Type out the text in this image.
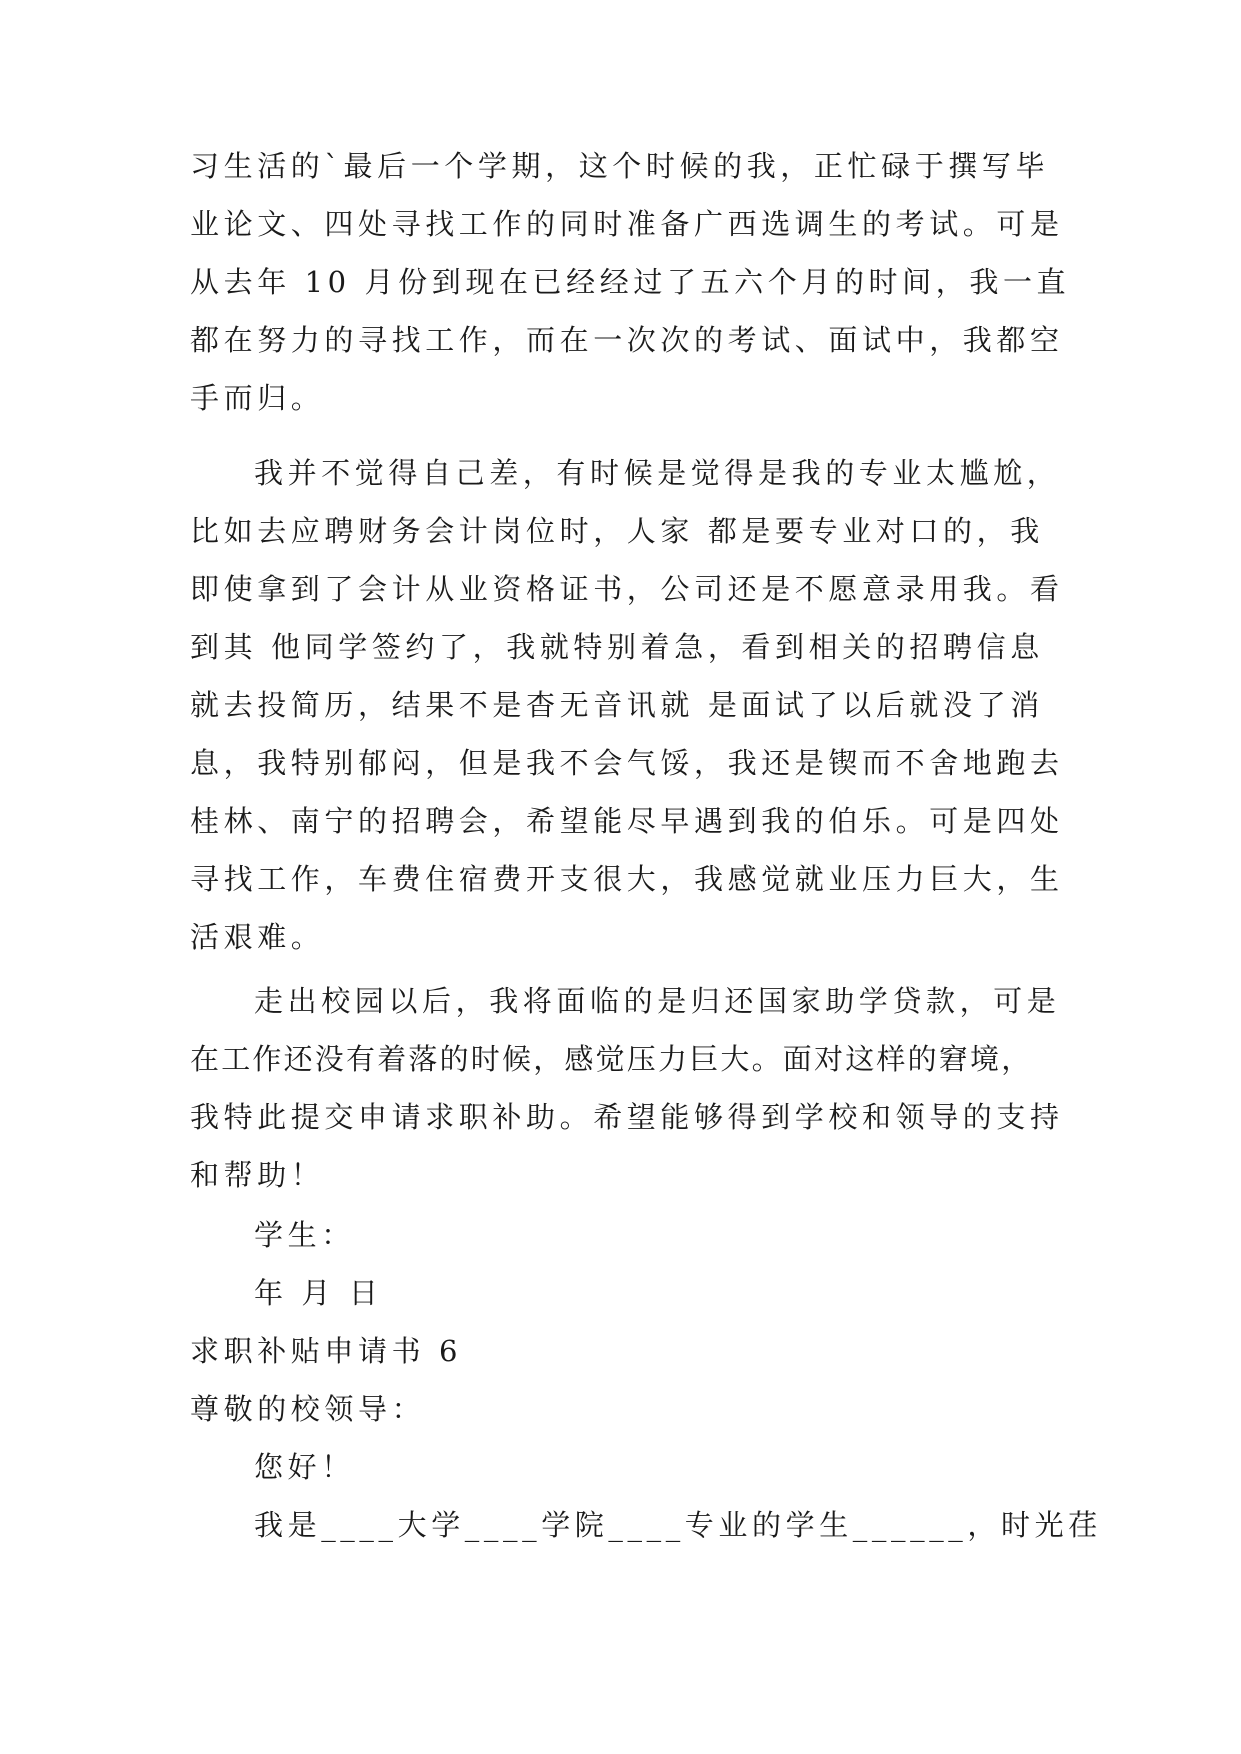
习生活的`最后一个学期，这个时候的我，正忙碌于撰写毕
业论文、四处寻找工作的同时准备广西选调生的考试。可是
从去年 10 月份到现在已经经过了五六个月的时间，我一直
都在努力的寻找工作，而在一次次的考试、面试中，我都空
手而归。
我并不觉得自己差，有时候是觉得是我的专业太尴尬，
比如去应聘财务会计岗位时，人家 都是要专业对口的，我
即使拿到了会计从业资格证书，公司还是不愿意录用我。看
到其 他同学签约了，我就特别着急，看到相关的招聘信息
就去投简历，结果不是杳无音讯就 是面试了以后就没了消
息，我特别郁闷，但是我不会气馁，我还是锲而不舍地跑去
桂林、南宁的招聘会，希望能尽早遇到我的伯乐。可是四处
寻找工作，车费住宿费开支很大，我感觉就业压力巨大，生
活艰难。
走出校园以后，我将面临的是归还国家助学贷款，可是
在工作还没有着落的时候，感觉压力巨大。面对这样的窘境，
我特此提交申请求职补助。希望能够得到学校和领导的支持
和帮助！
学生：
年 月 日
求职补贴申请书 6
尊敬的校领导：
您好！
我是____大学____学院____专业的学生______，时光荏
